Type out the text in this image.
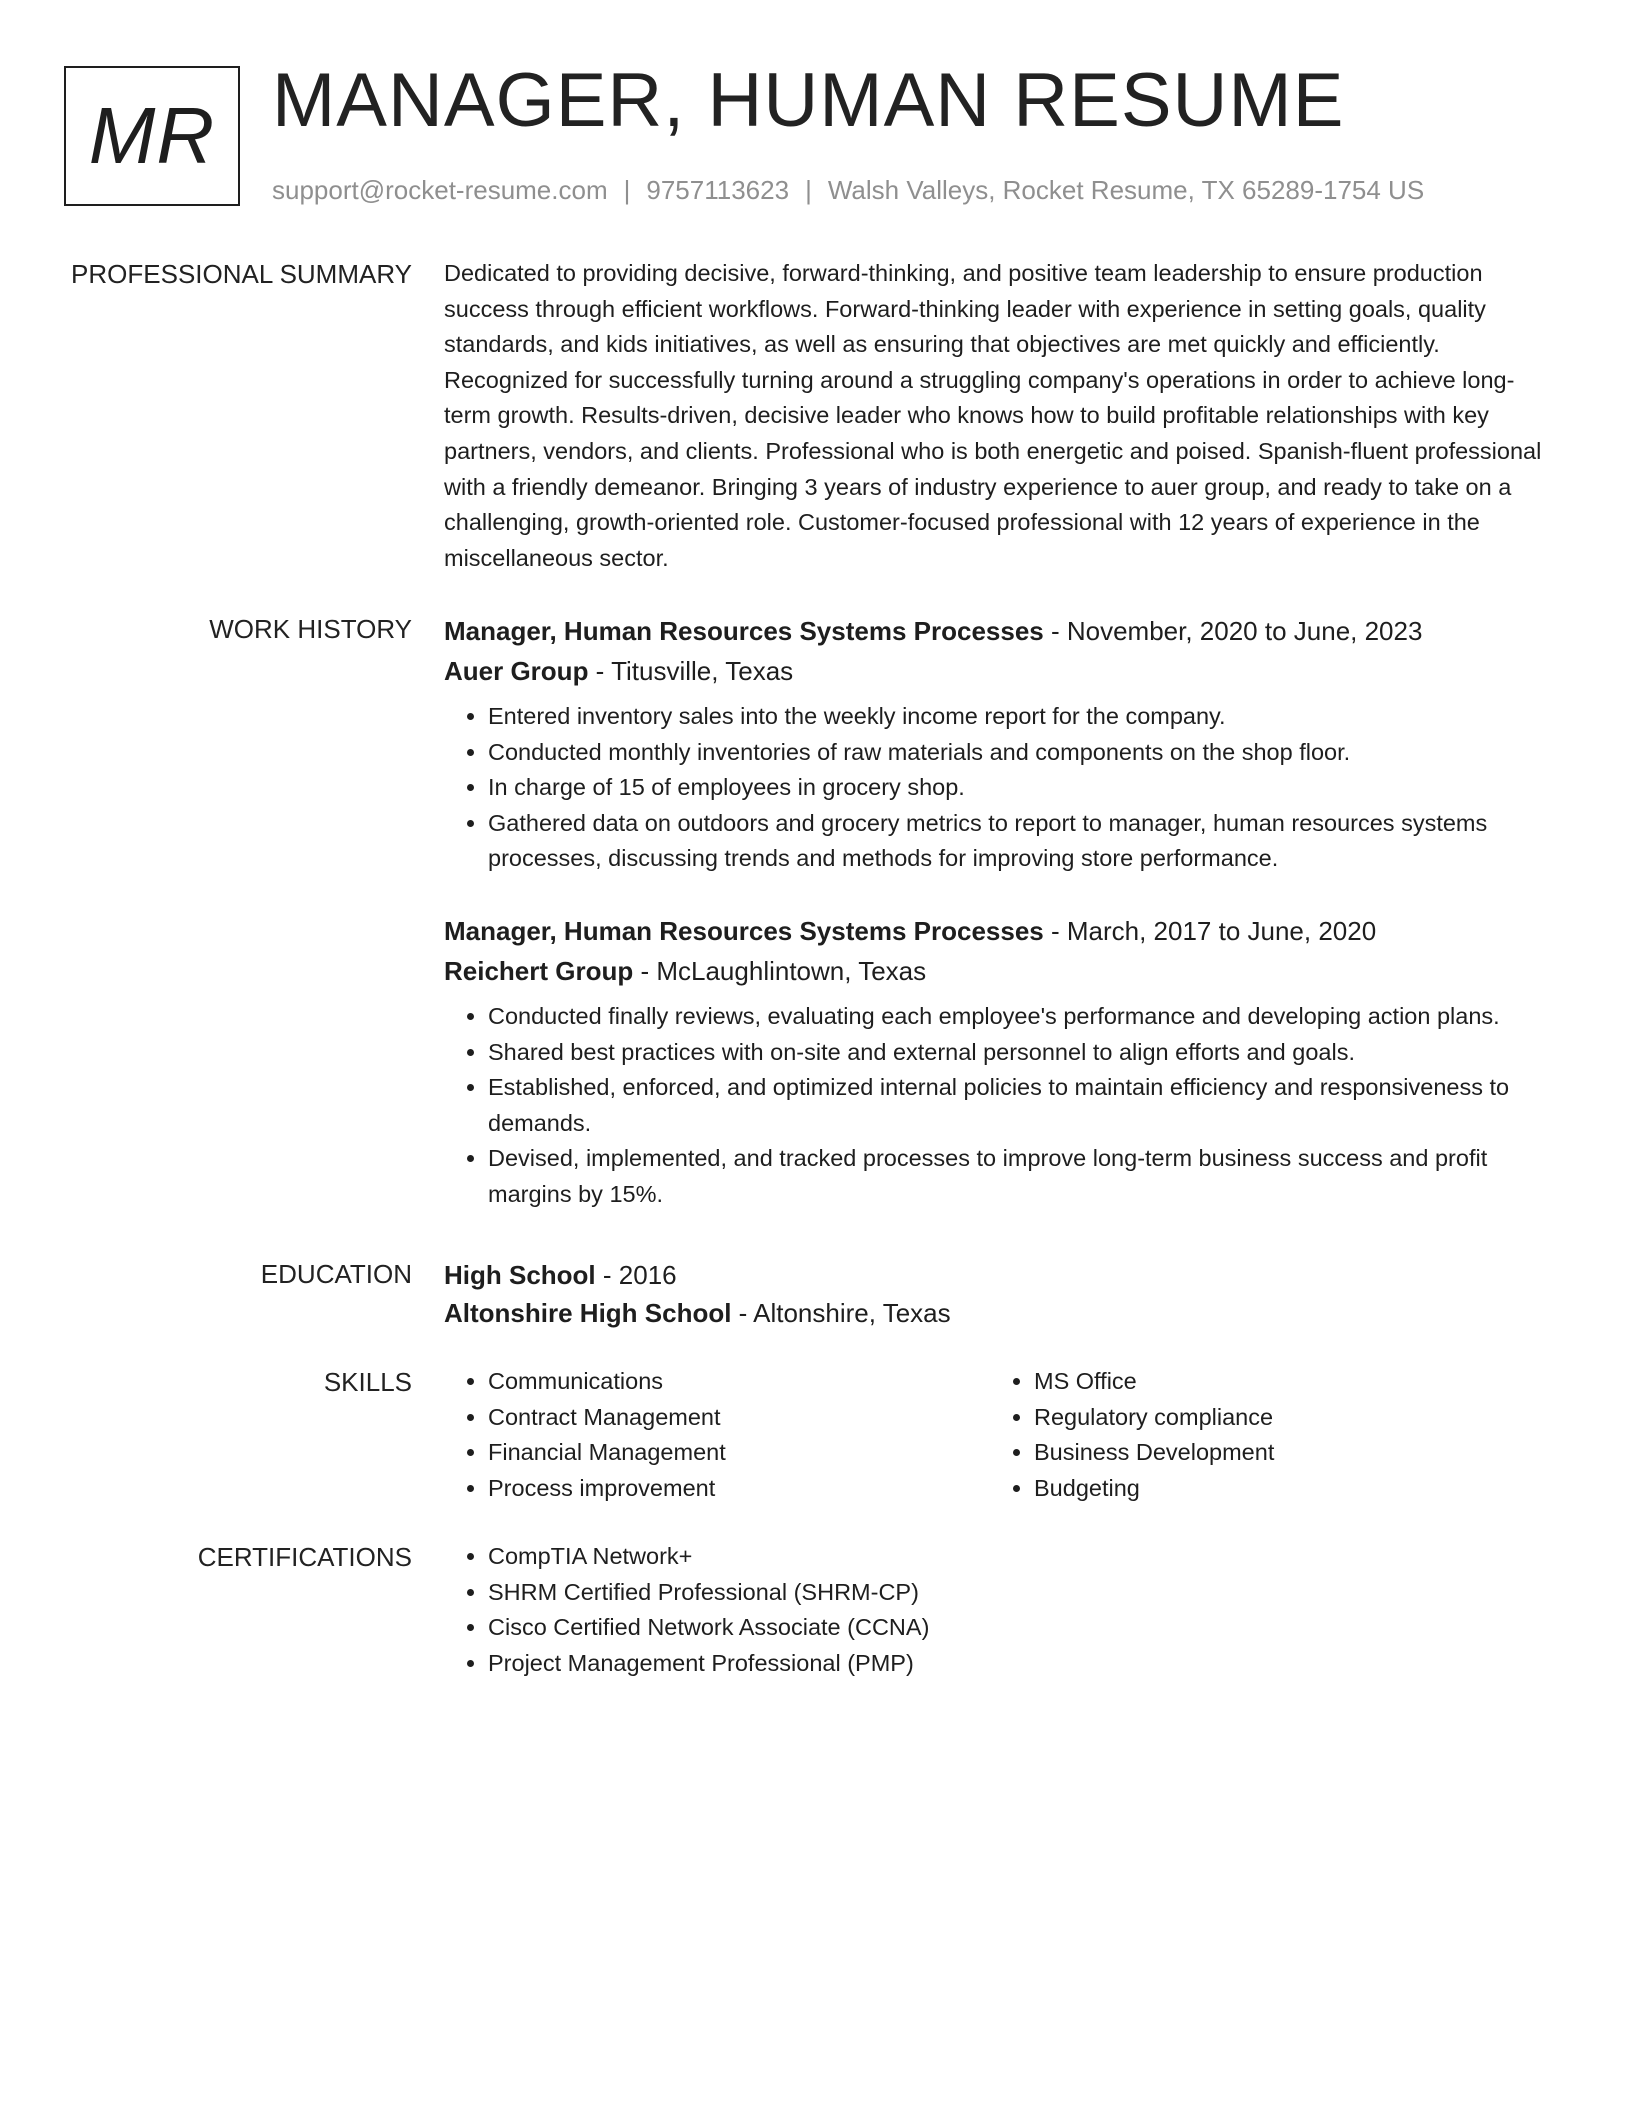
MR MANAGER, HUMAN RESUME
support@rocket-resume.com | 9757113623 | Walsh Valleys, Rocket Resume, TX 65289-1754 US
PROFESSIONAL SUMMARY Dedicated to providing decisive, forward-thinking, and positive team leadership to ensure production success through efficient workflows. Forward-thinking leader with experience in setting goals, quality standards, and kids initiatives, as well as ensuring that objectives are met quickly and efficiently. Recognized for successfully turning around a struggling company's operations in order to achieve long-term growth. Results-driven, decisive leader who knows how to build profitable relationships with key partners, vendors, and clients. Professional who is both energetic and poised. Spanish-fluent professional with a friendly demeanor. Bringing 3 years of industry experience to auer group, and ready to take on a challenging, growth-oriented role. Customer-focused professional with 12 years of experience in the miscellaneous sector.

WORK HISTORY Manager, Human Resources Systems Processes - November, 2020 to June, 2023
Auer Group - Titusville, Texas
• Entered inventory sales into the weekly income report for the company.
• Conducted monthly inventories of raw materials and components on the shop floor.
• In charge of 15 of employees in grocery shop.
• Gathered data on outdoors and grocery metrics to report to manager, human resources systems processes, discussing trends and methods for improving store performance.
Manager, Human Resources Systems Processes - March, 2017 to June, 2020
Reichert Group - McLaughlintown, Texas
• Conducted finally reviews, evaluating each employee's performance and developing action plans.
• Shared best practices with on-site and external personnel to align efforts and goals.
• Established, enforced, and optimized internal policies to maintain efficiency and responsiveness to demands.
• Devised, implemented, and tracked processes to improve long-term business success and profit margins by 15%.
EDUCATION High School - 2016
Altonshire High School - Altonshire, Texas
SKILLS	• Communications
• Contract Management
• Financial Management
• Process improvement
• MS Office
• Regulatory compliance
• Business Development
• Budgeting
CERTIFICATIONS	• CompTIA Network+
• SHRM Certified Professional (SHRM-CP)
• Cisco Certified Network Associate (CCNA)
• Project Management Professional (PMP)
